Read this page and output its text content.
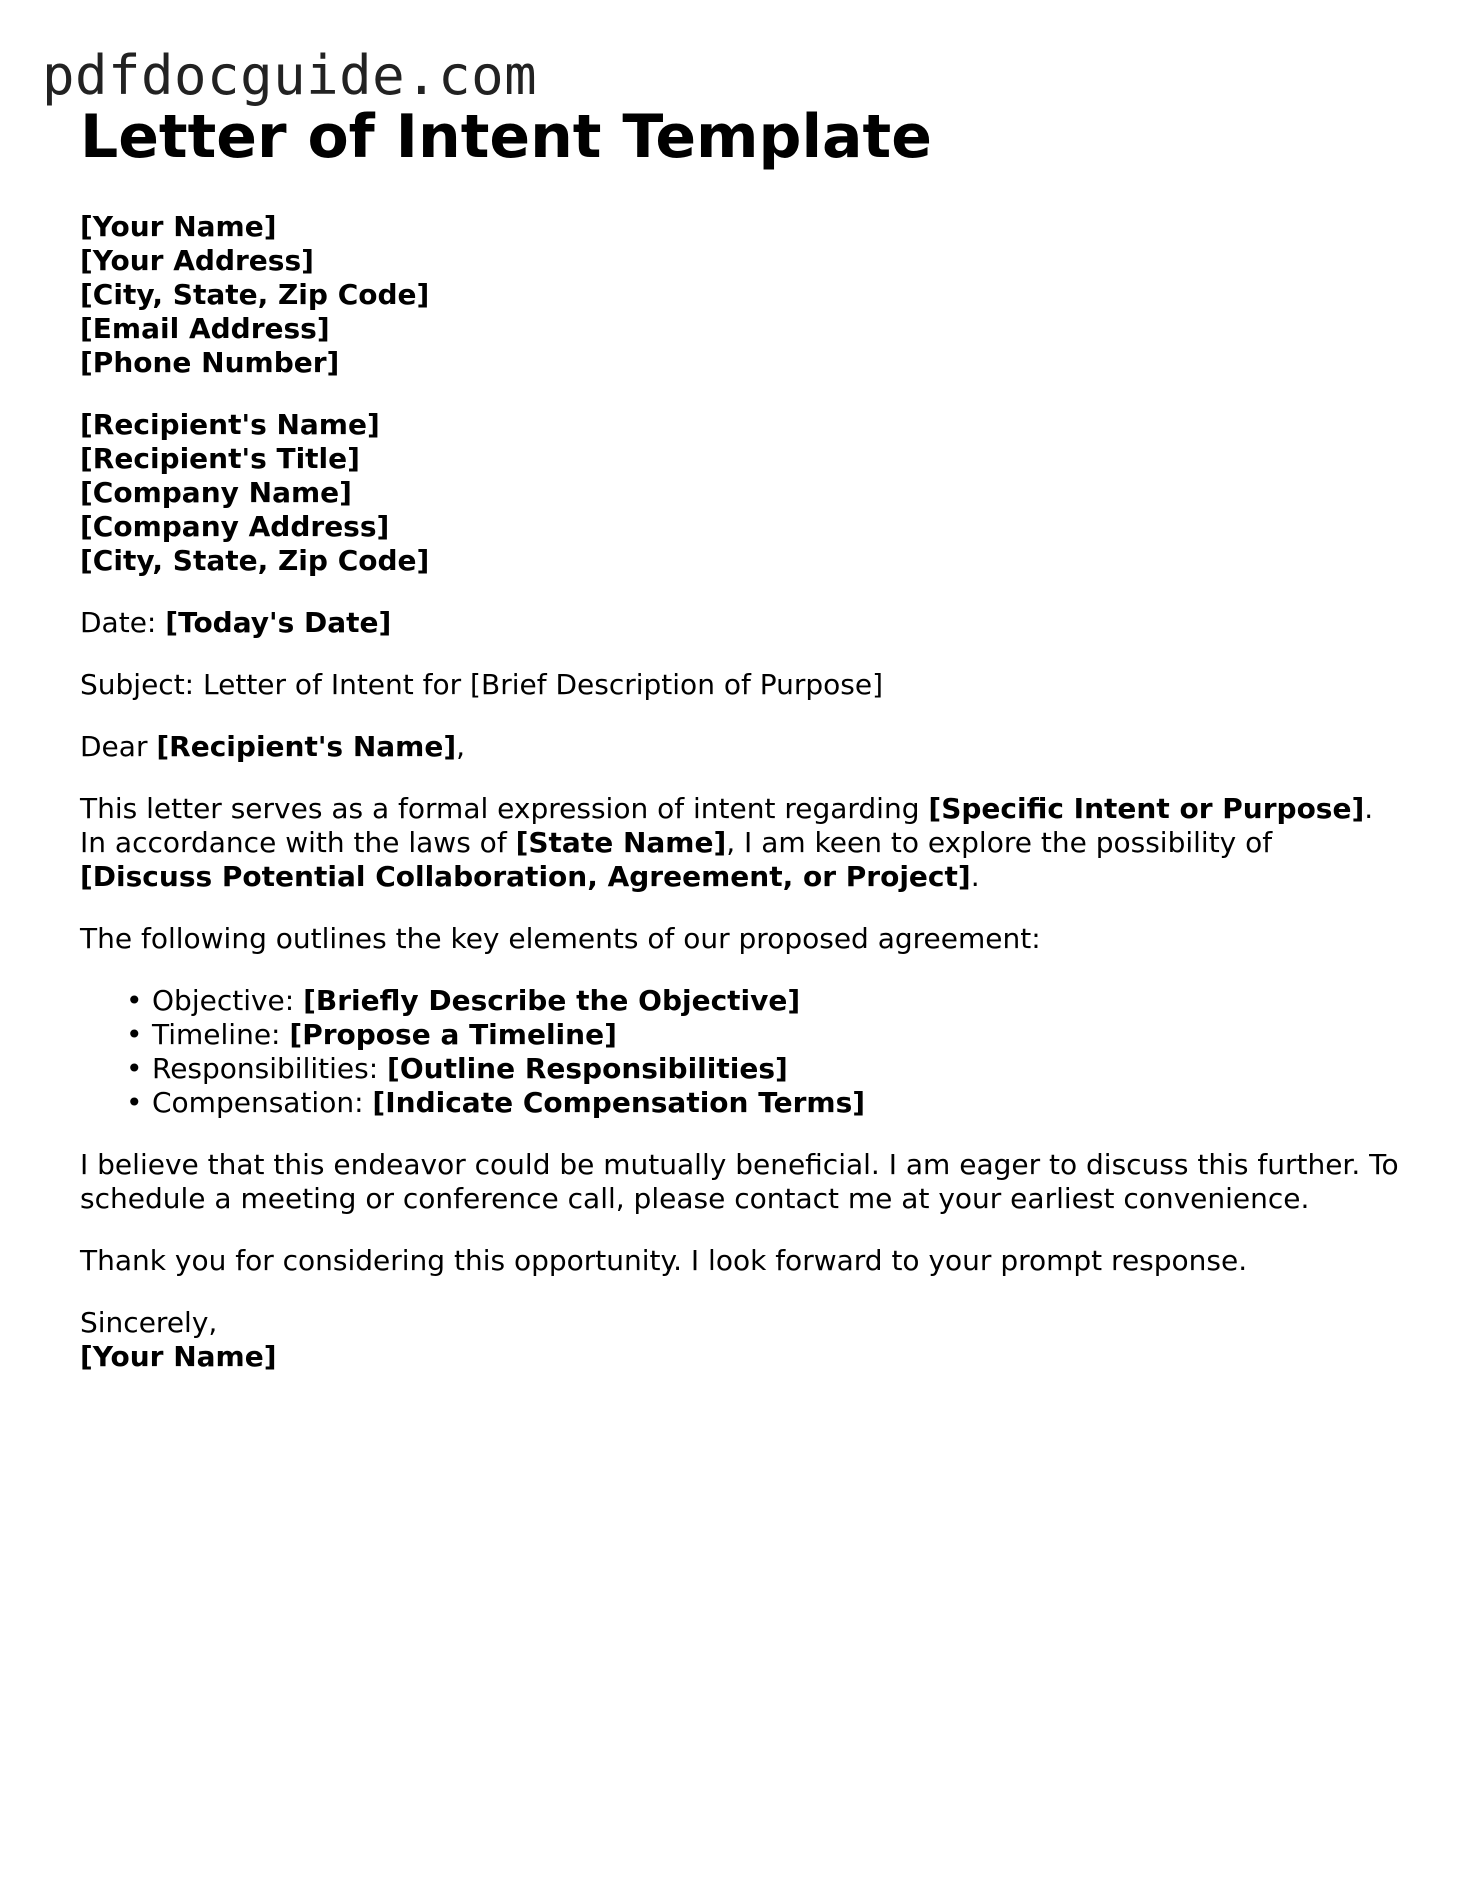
pdfdocguide.com
Letter of Intent Template
[Your Name]
[Your Address]
[City, State, Zip Code]
[Email Address]
[Phone Number]
[Recipient's Name]
[Recipient's Title]
[Company Name]
[Company Address]
[City, State, Zip Code]

Date: [Today's Date]

Subject: Letter of Intent for [Brief Description of Purpose]

Dear [Recipient's Name],

This letter serves as a formal expression of intent regarding [Specific Intent or Purpose]. In accordance with the laws of [State Name], I am keen to explore the possibility of [Discuss Potential Collaboration, Agreement, or Project].

The following outlines the key elements of our proposed agreement:

• Objective: [Briefly Describe the Objective]
• Timeline: [Propose a Timeline]
• Responsibilities: [Outline Responsibilities]
• Compensation: [Indicate Compensation Terms]

I believe that this endeavor could be mutually beneficial. I am eager to discuss this further. To schedule a meeting or conference call, please contact me at your earliest convenience.

Thank you for considering this opportunity. I look forward to your prompt response.

Sincerely,
[Your Name]
